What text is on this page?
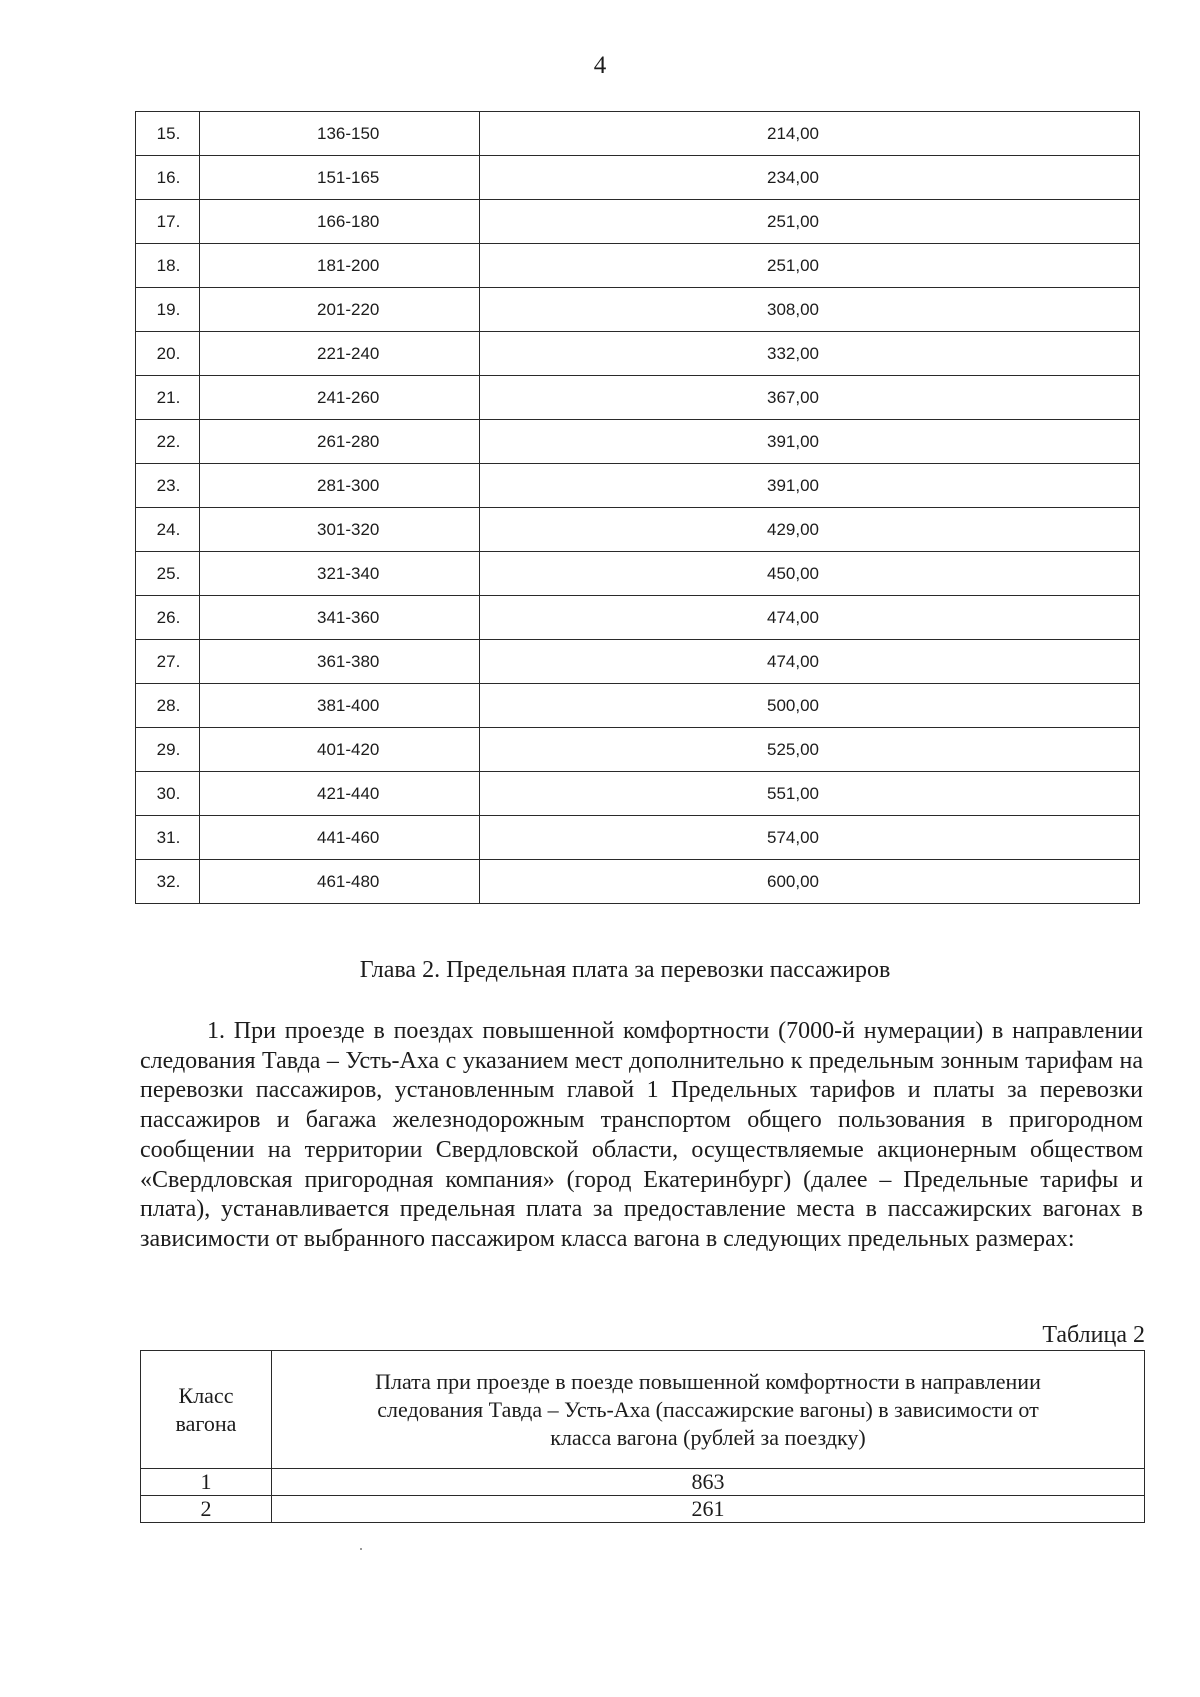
4
15.	136-150	214,00
16.	151-165	234,00
17.	166-180	251,00
18.	181-200	251,00
19.	201-220	308,00
20.	221-240	332,00
21.	241-260	367,00
22.	261-280	391,00
23.	281-300	391,00
24.	301-320	429,00
25.	321-340	450,00
26.	341-360	474,00
27.	361-380	474,00
28.	381-400	500,00
29.	401-420	525,00
30.	421-440	551,00
31.	441-460	574,00
32.	461-480	600,00
Глава 2. Предельная плата за перевозки пассажиров

1. При проезде в поездах повышенной комфортности (7000-й нумерации) в направлении следования Тавда – Усть-Аха с указанием мест дополнительно к предельным зонным тарифам на перевозки пассажиров, установленным главой 1 Предельных тарифов и платы за перевозки пассажиров и багажа железнодорожным транспортом общего пользования в пригородном сообщении на территории Свердловской области, осуществляемые акционерным обществом «Свердловская пригородная компания» (город Екатеринбург) (далее – Предельные тарифы и плата), устанавливается предельная плата за предоставление места в пассажирских вагонах в зависимости от выбранного пассажиром класса вагона в следующих предельных размерах:

Таблица 2
Класс вагона	Плата при проезде в поезде повышенной комфортности в направлении следования Тавда – Усть-Аха (пассажирские вагоны) в зависимости от класса вагона (рублей за поездку)

1	863
2	261
